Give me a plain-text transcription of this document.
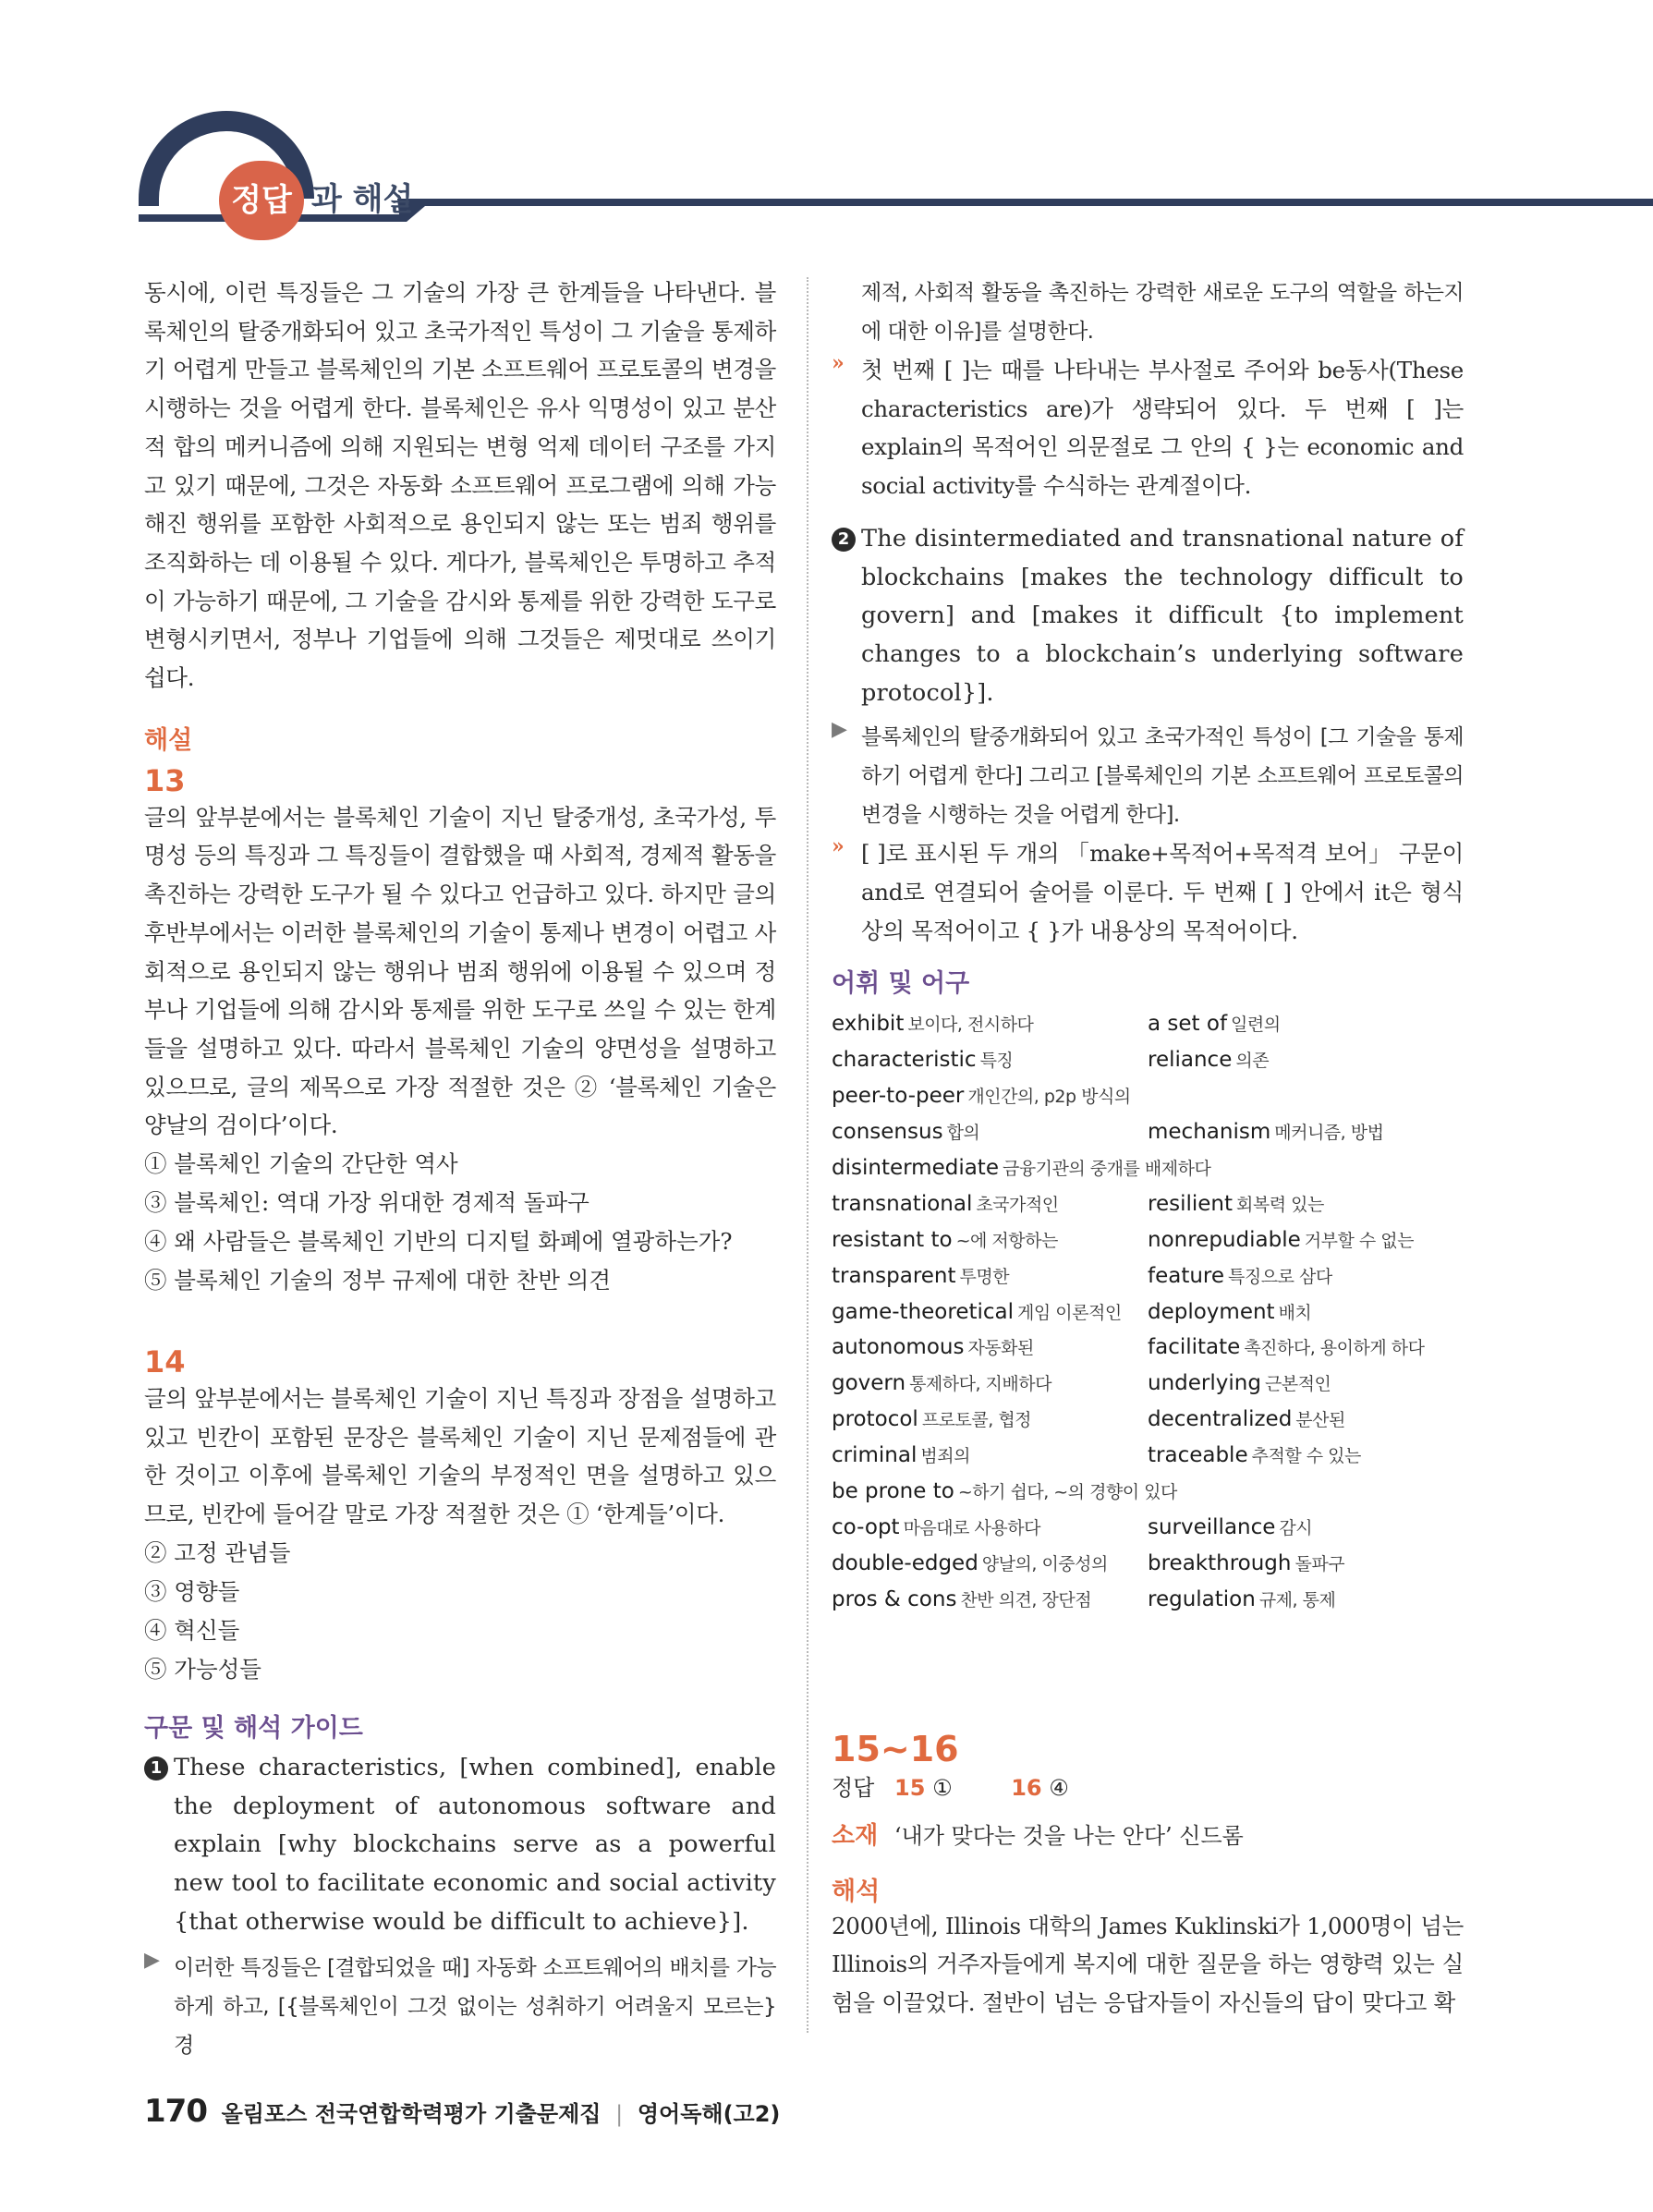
정답 과 해설

동시에, 이런 특징들은 그 기술의 가장 큰 한계들을 나타낸다. 블록체인의 탈중개화되어 있고 초국가적인 특성이 그 기술을 통제하기 어렵게 만들고 블록체인의 기본 소프트웨어 프로토콜의 변경을 시행하는 것을 어렵게 한다. 블록체인은 유사 익명성이 있고 분산적 합의 메커니즘에 의해 지원되는 변형 억제 데이터 구조를 가지고 있기 때문에, 그것은 자동화 소프트웨어 프로그램에 의해 가능해진 행위를 포함한 사회적으로 용인되지 않는 또는 범죄 행위를 조직화하는 데 이용될 수 있다. 게다가, 블록체인은 투명하고 추적이 가능하기 때문에, 그 기술을 감시와 통제를 위한 강력한 도구로 변형시키면서, 정부나 기업들에 의해 그것들은 제멋대로 쓰이기 쉽다.

해설

13

글의 앞부분에서는 블록체인 기술이 지닌 탈중개성, 초국가성, 투명성 등의 특징과 그 특징들이 결합했을 때 사회적, 경제적 활동을 촉진하는 강력한 도구가 될 수 있다고 언급하고 있다. 하지만 글의 후반부에서는 이러한 블록체인의 기술이 통제나 변경이 어렵고 사회적으로 용인되지 않는 행위나 범죄 행위에 이용될 수 있으며 정부나 기업들에 의해 감시와 통제를 위한 도구로 쓰일 수 있는 한계들을 설명하고 있다. 따라서 블록체인 기술의 양면성을 설명하고 있으므로, 글의 제목으로 가장 적절한 것은 ② ‘블록체인 기술은 양날의 검이다’이다.

① 블록체인 기술의 간단한 역사

③ 블록체인: 역대 가장 위대한 경제적 돌파구

④ 왜 사람들은 블록체인 기반의 디지털 화폐에 열광하는가?

⑤ 블록체인 기술의 정부 규제에 대한 찬반 의견

14

글의 앞부분에서는 블록체인 기술이 지닌 특징과 장점을 설명하고 있고 빈칸이 포함된 문장은 블록체인 기술이 지닌 문제점들에 관한 것이고 이후에 블록체인 기술의 부정적인 면을 설명하고 있으므로, 빈칸에 들어갈 말로 가장 적절한 것은 ① ‘한계들’이다.

② 고정 관념들

③ 영향들

④ 혁신들

⑤ 가능성들

구문 및 해석 가이드

1 These characteristics, [when combined], enable the deployment of autonomous software and explain [why blockchains serve as a powerful new tool to facilitate economic and social activity {that otherwise would be difficult to achieve}].

▶ 이러한 특징들은 [결합되었을 때] 자동화 소프트웨어의 배치를 가능하게 하고, [{블록체인이 그것 없이는 성취하기 어려울지 모르는} 경

제적, 사회적 활동을 촉진하는 강력한 새로운 도구의 역할을 하는지에 대한 이유]를 설명한다.

» 첫 번째 [ ]는 때를 나타내는 부사절로 주어와 be동사(These characteristics are)가 생략되어 있다. 두 번째 [ ]는 explain의 목적어인 의문절로 그 안의 { }는 economic and social activity를 수식하는 관계절이다.

2 The disintermediated and transnational nature of blockchains [makes the technology difficult to govern] and [makes it difficult {to implement changes to a blockchain’s underlying software protocol}].

▶ 블록체인의 탈중개화되어 있고 초국가적인 특성이 [그 기술을 통제하기 어렵게 한다] 그리고 [블록체인의 기본 소프트웨어 프로토콜의 변경을 시행하는 것을 어렵게 한다].

» [ ]로 표시된 두 개의 「make+목적어+목적격 보어」 구문이 and로 연결되어 술어를 이룬다. 두 번째 [ ] 안에서 it은 형식상의 목적어이고 { }가 내용상의 목적어이다.

어휘 및 어구

exhibit 보이다, 전시하다	a set of 일련의
characteristic 특징	reliance 의존
peer-to-peer 개인간의, p2p 방식의
consensus 합의	mechanism 메커니즘, 방법
disintermediate 금융기관의 중개를 배제하다
transnational 초국가적인	resilient 회복력 있는
resistant to ~에 저항하는	nonrepudiable 거부할 수 없는
transparent 투명한	feature 특징으로 삼다
game-theoretical 게임 이론적인	deployment 배치
autonomous 자동화된	facilitate 촉진하다, 용이하게 하다
govern 통제하다, 지배하다	underlying 근본적인
protocol 프로토콜, 협정	decentralized 분산된
criminal 범죄의	traceable 추적할 수 있는
be prone to ~하기 쉽다, ~의 경향이 있다
co-opt 마음대로 사용하다	surveillance 감시
double-edged 양날의, 이중성의	breakthrough 돌파구
pros & cons 찬반 의견, 장단점	regulation 규제, 통제

15~16

정답 15 ①	16 ④
소재 ‘내가 맞다는 것을 나는 안다’ 신드롬

해석

2000년에, Illinois 대학의 James Kuklinski가 1,000명이 넘는 Illinois의 거주자들에게 복지에 대한 질문을 하는 영향력 있는 실험을 이끌었다. 절반이 넘는 응답자들이 자신들의 답이 맞다고 확

170 올림포스 전국연합학력평가 기출문제집 | 영어독해(고2)
